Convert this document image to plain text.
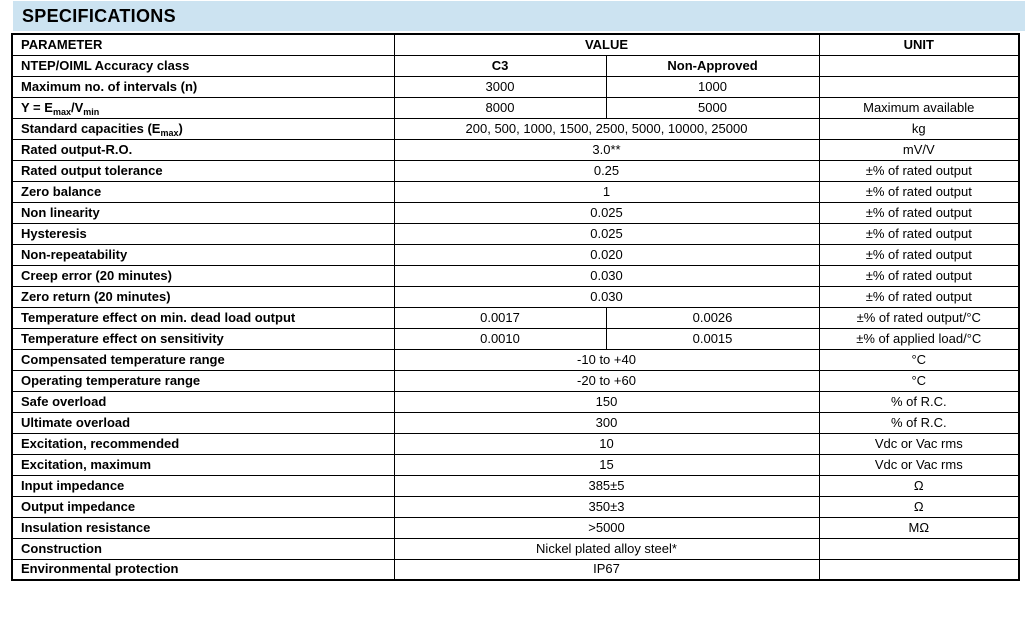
SPECIFICATIONS
PARAMETER	VALUE		UNIT
NTEP/OIML Accuracy class	C3	Non-Approved	
Maximum no. of intervals (n)	3000	1000	
$Y = E_{max}/V_{min}$	8000	5000	Maximum available
Standard capacities $(E_{max})$	200, 500, 1000, 1500, 2500, 5000, 10000, 25000		kg
Rated output-R.O.	3.0**		mV/V
Rated output tolerance	0.25		±% of rated output
Zero balance	1		±% of rated output
Non linearity	0.025		±% of rated output
Hysteresis	0.025		±% of rated output
Non-repeatability	0.020		±% of rated output
Creep error (20 minutes)	0.030		±% of rated output
Zero return (20 minutes)	0.030		±% of rated output
Temperature effect on min. dead load output	0.0017	0.0026	±% of rated output/°C
Temperature effect on sensitivity	0.0010	0.0015	±% of applied load/°C
Compensated temperature range	-10 to +40		°C
Operating temperature range	-20 to +60		°C
Safe overload	150		% of R.C.
Ultimate overload	300		% of R.C.
Excitation, recommended	10		Vdc or Vac rms
Excitation, maximum	15		Vdc or Vac rms
Input impedance	385±5		Ω
Output impedance	350±3		Ω
Insulation resistance	>5000		MΩ
Construction	Nickel plated alloy steel*		
Environmental protection	IP67		
